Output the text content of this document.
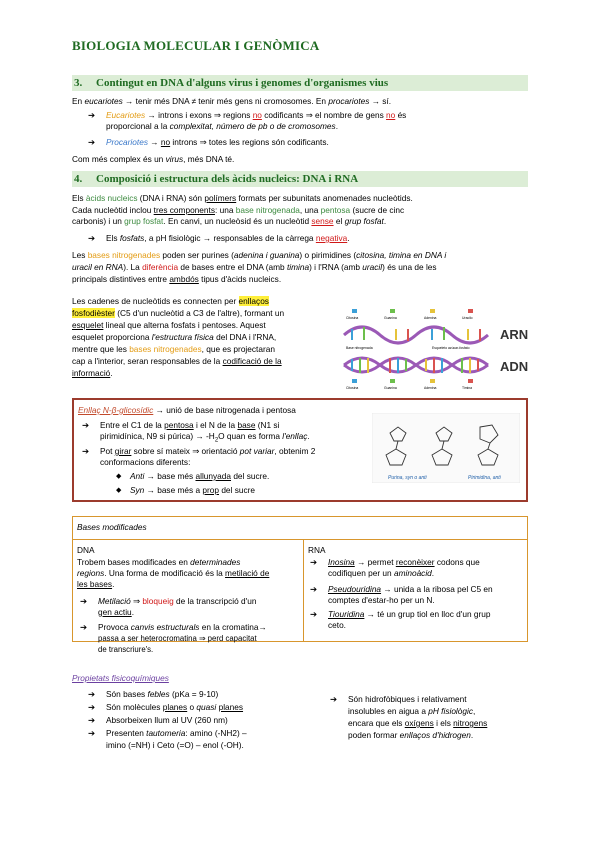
BIOLOGIA MOLECULAR I GENÒMICA
3. Contingut en DNA d'alguns virus i genomes d'organismes vius
En eucariotes → tenir més DNA ≠ tenir més gens ni cromosomes. En procariotes → sí.
➔ Eucariotes → introns i exons ⇒ regions no codificants ⇒ el nombre de gens no és
proporcional a la complexitat, número de pb o de cromosomes.
➔ Procariotes → no introns ⇒ totes les regions són codificants.
Com més complex és un virus, més DNA té.
4. Composició i estructura dels àcids nucleics: DNA i RNA
Els àcids nucleics (DNA i RNA) són polímers formats per subunitats anomenades nucleòtids.
Cada nucleòtid inclou tres components: una base nitrogenada, una pentosa (sucre de cinc
carbonis) i un grup fosfat. En canvi, un nucleòsid és un nucleòtid sense el grup fosfat.
➔ Els fosfats, a pH fisiològic → responsables de la càrrega negativa.
Les bases nitrogenades poden ser purines (adenina i guanina) o pirimidines (citosina, timina en DNA i
uracil en RNA). La diferència de bases entre el DNA (amb timina) i l'RNA (amb uracil) és una de les
principals distintives entre ambdós tipus d'àcids nucleics.
Les cadenes de nucleòtids es connecten per enllaços
fosfodièster (C5 d'un nucleòtid a C3 de l'altre), formant un
esquelet lineal que alterna fosfats i pentoses. Aquest
esquelet proporciona l'estructura física del DNA i l'RNA,
mentre que les bases nitrogenades, que es projectaran
cap a l'interior, seran responsables de la codificació de la
informació.
Citosina	Guanina	Adenina	Uracilo
Base nitrogenada	Esqueleto azúcar-fosfato
Citosina	Guanina	Adenina	Timina
ARN
ADN
Enllaç N-β-glicosídic → unió de base nitrogenada i pentosa
➔ Entre el C1 de la pentosa i el N de la base (N1 si
pirimidínica, N9 si púrica) → $-H_2O$ quan es forma l'enllaç.
➔ Pot girar sobre sí mateix ⇒ orientació pot variar, obtenim 2
conformacions diferents:
◆ Anti → base més allunyada del sucre.
◆ Syn → base més a prop del sucre
Purina, syn o anti	Pirimidina, anti
Bases modificades
DNA
Trobem bases modificades en determinades
regions. Una forma de modificació és la metilació de
les bases.
➔ Metilació ⇒ bloqueig de la transcripció d'un
gen actiu.
➔ Provoca canvis estructurals en la cromatina→
passa a ser heterocromatina ⇒ perd capacitat
de transcriure's.
RNA
➔ Inosina → permet reconèixer codons que
codifiquen per un aminoàcid.
➔ Pseudouridina → unida a la ribosa pel C5 en
comptes d'estar-ho per un N.
➔ Tiouridina → té un grup tiol en lloc d'un grup
ceto.
Propietats fisicoquímiques
➔ Són bases febles (pKa = 9-10)
➔ Són molècules planes o quasi planes
➔ Absorbeixen llum al UV (260 nm)
➔ Presenten tautomeria: amino (-NH2) –
imino (=NH) i Ceto (=O) – enol (-OH).
➔ Són hidrofòbiques i relativament
insolubles en aigua a pH fisiològic,
encara que els oxígens i els nitrogens
poden formar enllaços d'hidrogen.
